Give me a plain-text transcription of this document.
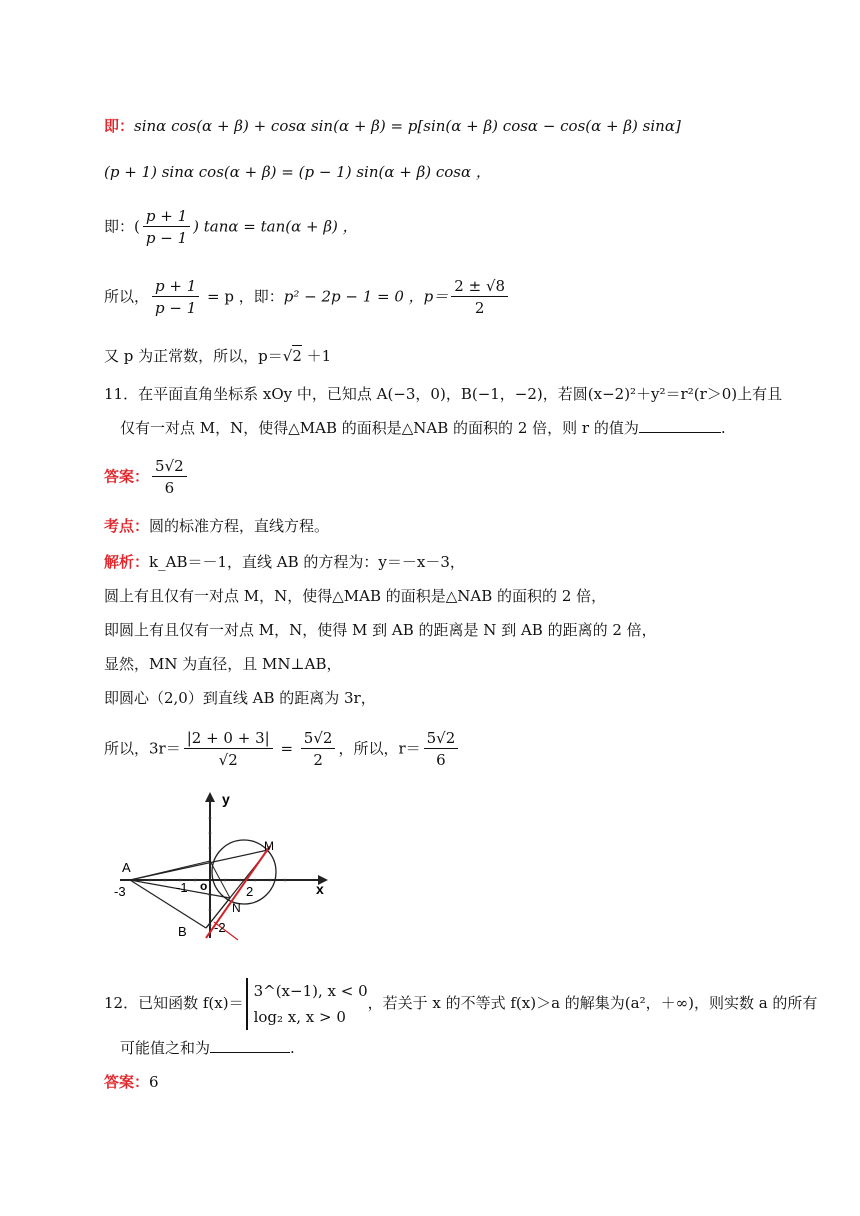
即：sinα cos(α + β) + cosα sin(α + β) = p[sin(α + β) cosα − cos(α + β) sinα]
(p + 1) sinα cos(α + β) = (p − 1) sin(α + β) cosα ，
即：( $\frac{p + 1}{p - 1}$ ) tanα = tan(α + β) ，
所以， $\frac{p + 1}{p - 1} = p$ ，即：p² − 2p − 1 = 0 ，$p= \frac{2 \pm √8}{2}$
又 p 为正常数，所以，p＝√2 ＋1
11．在平面直角坐标系 xOy 中，已知点 A(−3，0)，B(−1，−2)，若圆(x−2)²＋y²＝r²(r＞0)上有且
仅有一对点 M，N，使得△MAB 的面积是△NAB 的面积的 2 倍，则 r 的值为	.
答案： $\frac{5√2}{6}$
考点：圆的标准方程，直线方程。
解析：k_AB＝－1，直线 AB 的方程为：y＝－x－3，
圆上有且仅有一对点 M，N，使得△MAB 的面积是△NAB 的面积的 2 倍，
即圆上有且仅有一对点 M，N，使得 M 到 AB 的距离是 N 到 AB 的距离的 2 倍，
显然，MN 为直径，且 MN⊥AB，
即圆心（2,0）到直线 AB 的距离为 3r，
所以，$3r= \frac{|2 + 0 + 3|}{√2} = \frac{5√2}{2}$ ，所以，$r= \frac{5√2}{6}$
y
x
A
M
N
B
o
-3	-1	2
-2
12．已知函数 f(x)＝
3^(x−1), x < 0
log₂ x, x > 0
，若关于 x 的不等式 f(x)＞a 的解集为(a²，＋∞)，则实数 a 的所有
可能值之和为	.
答案：6
